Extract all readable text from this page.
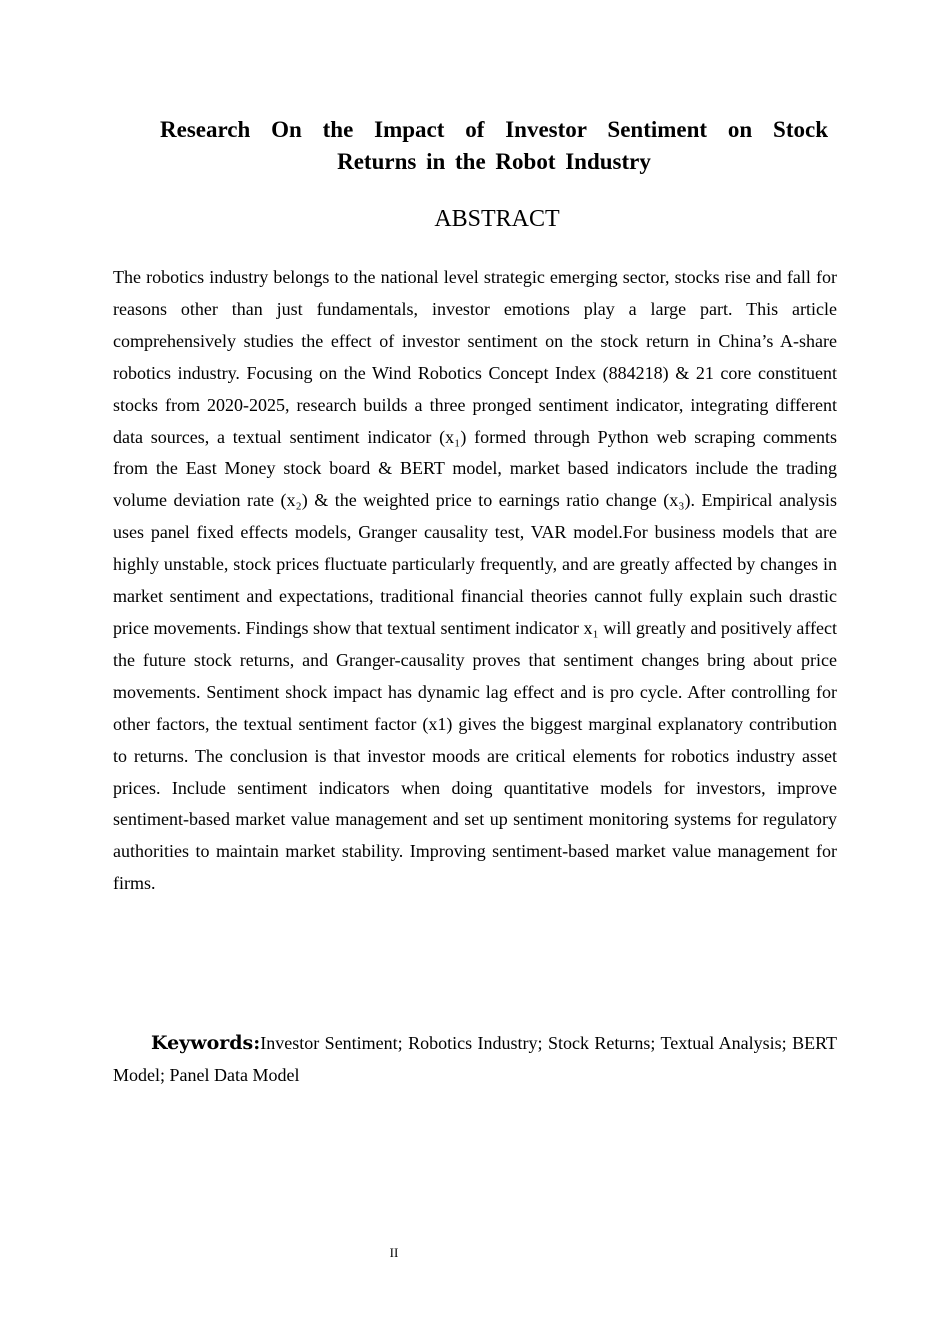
Research On the Impact of Investor Sentiment on Stock Returns in the Robot Industry
ABSTRACT

The robotics industry belongs to the national level strategic emerging sector, stocks rise and fall for reasons other than just fundamentals, investor emotions play a large part. This article comprehensively studies the effect of investor sentiment on the stock return in China’s A-share robotics industry. Focusing on the Wind Robotics Concept Index (884218) & 21 core constituent stocks from 2020-2025, research builds a three pronged sentiment indicator, integrating different data sources, a textual sentiment indicator (x₁) formed through Python web scraping comments from the East Money stock board & BERT model, market based indicators include the trading volume deviation rate (x₂) & the weighted price to earnings ratio change (x₃). Empirical analysis uses panel fixed effects models, Granger causality test, VAR model.For business models that are highly unstable, stock prices fluctuate particularly frequently, and are greatly affected by changes in market sentiment and expectations, traditional financial theories cannot fully explain such drastic price movements. Findings show that textual sentiment indicator x₁ will greatly and positively affect the future stock returns, and Granger-causality proves that sentiment changes bring about price movements. Sentiment shock impact has dynamic lag effect and is pro cycle. After controlling for other factors, the textual sentiment factor (x1) gives the biggest marginal explanatory contribution to returns. The conclusion is that investor moods are critical elements for robotics industry asset prices. Include sentiment indicators when doing quantitative models for investors, improve sentiment-based market value management and set up sentiment monitoring systems for regulatory authorities to maintain market stability. Improving sentiment-based market value management for firms.

Keywords:Investor Sentiment; Robotics Industry; Stock Returns; Textual Analysis; BERT Model; Panel Data Model

II
